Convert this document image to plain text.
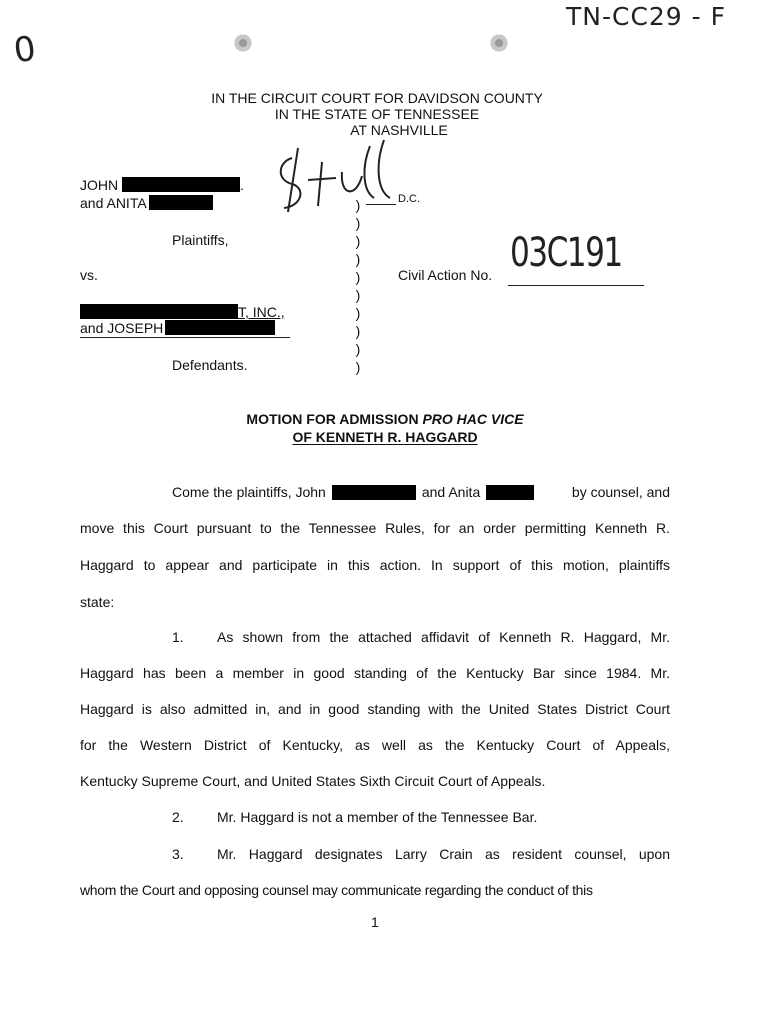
TN-CC29 - F
0
IN THE CIRCUIT COURT FOR DAVIDSON COUNTY
IN THE STATE OF TENNESSEE
AT NASHVILLE
D.C.
JOHN	.
and ANITA
Plaintiffs,
)
)
)
)
)
)
)
)
)
)
vs.	Civil Action No. 03C191
T, INC.,
and JOSEPH
Defendants.
MOTION FOR ADMISSION PRO HAC VICE
OF KENNETH R. HAGGARD
Come the plaintiffs, John	and Anita	by counsel, and
move this Court pursuant to the Tennessee Rules, for an order permitting Kenneth R.
Haggard to appear and participate in this action. In support of this motion, plaintiffs
state:
1. As shown from the attached affidavit of Kenneth R. Haggard, Mr.
Haggard has been a member in good standing of the Kentucky Bar since 1984. Mr.
Haggard is also admitted in, and in good standing with the United States District Court
for the Western District of Kentucky, as well as the Kentucky Court of Appeals,
Kentucky Supreme Court, and United States Sixth Circuit Court of Appeals.
2. Mr. Haggard is not a member of the Tennessee Bar.
3. Mr. Haggard designates Larry Crain as resident counsel, upon
whom the Court and opposing counsel may communicate regarding the conduct of this
1
